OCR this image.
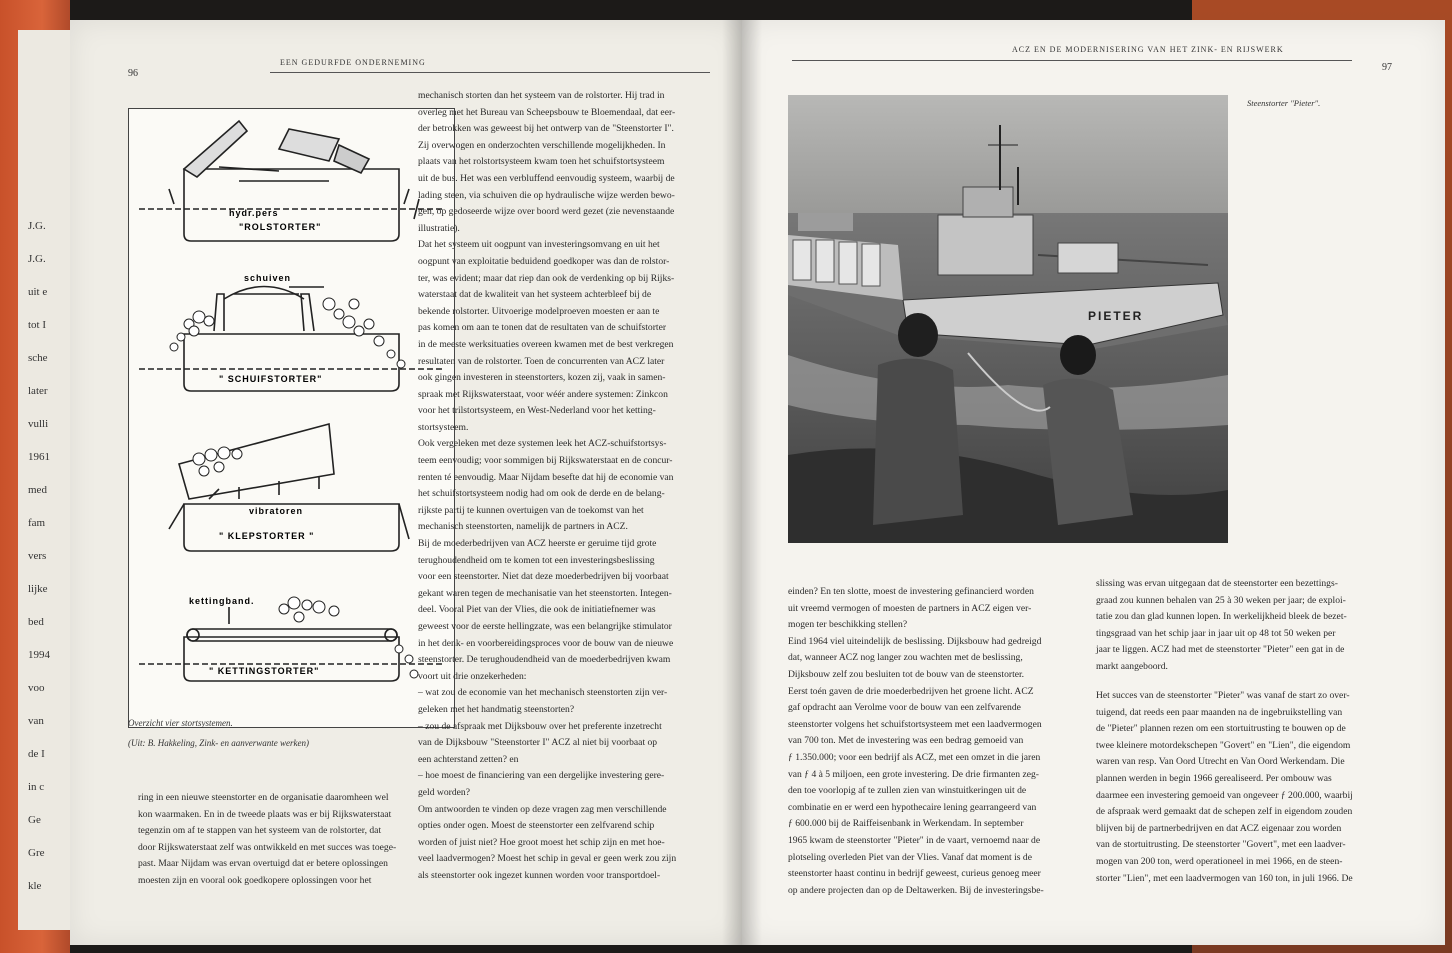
J.G.
J.G.
uit e
tot I
sche
later
vulli
1961
med
fam
vers
lijke
bed
1994
voo
van
de I
in c
Ge
Gre
kle
96
EEN GEDURFDE ONDERNEMING
hydr.pers
"ROLSTORTER"
schuiven
" SCHUIFSTORTER"
vibratoren
" KLEPSTORTER "
kettingband.
" KETTINGSTORTER"
Overzicht vier stortsystemen.
(Uit: B. Hakkeling, Zink- en aanverwante werken)

mechanisch storten dan het systeem van de rolstorter. Hij trad in

overleg met het Bureau van Scheepsbouw te Bloemendaal, dat eer-

der betrokken was geweest bij het ontwerp van de "Steenstorter I".

Zij overwogen en onderzochten verschillende mogelijkheden. In

plaats van het rolstortsysteem kwam toen het schuifstortsysteem

uit de bus. Het was een verbluffend eenvoudig systeem, waarbij de

lading steen, via schuiven die op hydraulische wijze werden bewo-

gen, op gedoseerde wijze over boord werd gezet (zie nevenstaande

illustratie).

Dat het systeem uit oogpunt van investeringsomvang en uit het

oogpunt van exploitatie beduidend goedkoper was dan de rolstor-

ter, was evident; maar dat riep dan ook de verdenking op bij Rijks-

waterstaat dat de kwaliteit van het systeem achterbleef bij de

bekende rolstorter. Uitvoerige modelproeven moesten er aan te

pas komen om aan te tonen dat de resultaten van de schuifstorter

in de meeste werksituaties overeen kwamen met de best verkregen

resultaten van de rolstorter. Toen de concurrenten van ACZ later

ook gingen investeren in steenstorters, kozen zij, vaak in samen-

spraak met Rijkswaterstaat, voor wéér andere systemen: Zinkcon

voor het trilstortsysteem, en West-Nederland voor het ketting-

stortsysteem.

Ook vergeleken met deze systemen leek het ACZ-schuifstortsys-

teem eenvoudig; voor sommigen bij Rijkswaterstaat en de concur-

renten té eenvoudig. Maar Nijdam besefte dat hij de economie van

het schuifstortsysteem nodig had om ook de derde en de belang-

rijkste partij te kunnen overtuigen van de toekomst van het

mechanisch steenstorten, namelijk de partners in ACZ.

Bij de moederbedrijven van ACZ heerste er geruime tijd grote

terughoudendheid om te komen tot een investeringsbeslissing

voor een steenstorter. Niet dat deze moederbedrijven bij voorbaat

gekant waren tegen de mechanisatie van het steenstorten. Integen-

deel. Vooral Piet van der Vlies, die ook de initiatiefnemer was

geweest voor de eerste hellingzate, was een belangrijke stimulator

in het denk- en voorbereidingsproces voor de bouw van de nieuwe

steenstorter. De terughoudendheid van de moederbedrijven kwam

voort uit drie onzekerheden:

– wat zou de economie van het mechanisch steenstorten zijn ver-

geleken met het handmatig steenstorten?

– zou de afspraak met Dijksbouw over het preferente inzetrecht

van de Dijksbouw "Steenstorter I" ACZ al niet bij voorbaat op

een achterstand zetten? en

– hoe moest de financiering van een dergelijke investering gere-

geld worden?

Om antwoorden te vinden op deze vragen zag men verschillende

opties onder ogen. Moest de steenstorter een zelfvarend schip

worden of juist niet? Hoe groot moest het schip zijn en met hoe-

veel laadvermogen? Moest het schip in geval er geen werk zou zijn

als steenstorter ook ingezet kunnen worden voor transportdoel-

ring in een nieuwe steenstorter en de organisatie daaromheen wel

kon waarmaken. En in de tweede plaats was er bij Rijkswaterstaat

tegenzin om af te stappen van het systeem van de rolstorter, dat

door Rijkswaterstaat zelf was ontwikkeld en met succes was toege-

past. Maar Nijdam was ervan overtuigd dat er betere oplossingen

moesten zijn en vooral ook goedkopere oplossingen voor het

ACZ EN DE MODERNISERING VAN HET ZINK- EN RIJSWERK
97
PIETER
Steenstorter "Pieter".

einden? En ten slotte, moest de investering gefinancierd worden

uit vreemd vermogen of moesten de partners in ACZ eigen ver-

mogen ter beschikking stellen?

Eind 1964 viel uiteindelijk de beslissing. Dijksbouw had gedreigd

dat, wanneer ACZ nog langer zou wachten met de beslissing,

Dijksbouw zelf zou besluiten tot de bouw van de steenstorter.

Eerst toén gaven de drie moederbedrijven het groene licht. ACZ

gaf opdracht aan Verolme voor de bouw van een zelfvarende

steenstorter volgens het schuifstortsysteem met een laadvermogen

van 700 ton. Met de investering was een bedrag gemoeid van

ƒ 1.350.000; voor een bedrijf als ACZ, met een omzet in die jaren

van ƒ 4 à 5 miljoen, een grote investering. De drie firmanten zeg-

den toe voorlopig af te zullen zien van winstuitkeringen uit de

combinatie en er werd een hypothecaire lening gearrangeerd van

ƒ 600.000 bij de Raiffeisenbank in Werkendam. In september

1965 kwam de steenstorter "Pieter" in de vaart, vernoemd naar de

plotseling overleden Piet van der Vlies. Vanaf dat moment is de

steenstorter haast continu in bedrijf geweest, curieus genoeg meer

op andere projecten dan op de Deltawerken. Bij de investeringsbe-

slissing was ervan uitgegaan dat de steenstorter een bezettings-

graad zou kunnen behalen van 25 à 30 weken per jaar; de exploi-

tatie zou dan glad kunnen lopen. In werkelijkheid bleek de bezet-

tingsgraad van het schip jaar in jaar uit op 48 tot 50 weken per

jaar te liggen. ACZ had met de steenstorter "Pieter" een gat in de

markt aangeboord.

Het succes van de steenstorter "Pieter" was vanaf de start zo over-

tuigend, dat reeds een paar maanden na de ingebruikstelling van

de "Pieter" plannen rezen om een stortuitrusting te bouwen op de

twee kleinere motordekschepen "Govert" en "Lien", die eigendom

waren van resp. Van Oord Utrecht en Van Oord Werkendam. Die

plannen werden in begin 1966 gerealiseerd. Per ombouw was

daarmee een investering gemoeid van ongeveer ƒ 200.000, waarbij

de afspraak werd gemaakt dat de schepen zelf in eigendom zouden

blijven bij de partnerbedrijven en dat ACZ eigenaar zou worden

van de stortuitrusting. De steenstorter "Govert", met een laadver-

mogen van 200 ton, werd operationeel in mei 1966, en de steen-

storter "Lien", met een laadvermogen van 160 ton, in juli 1966. De
